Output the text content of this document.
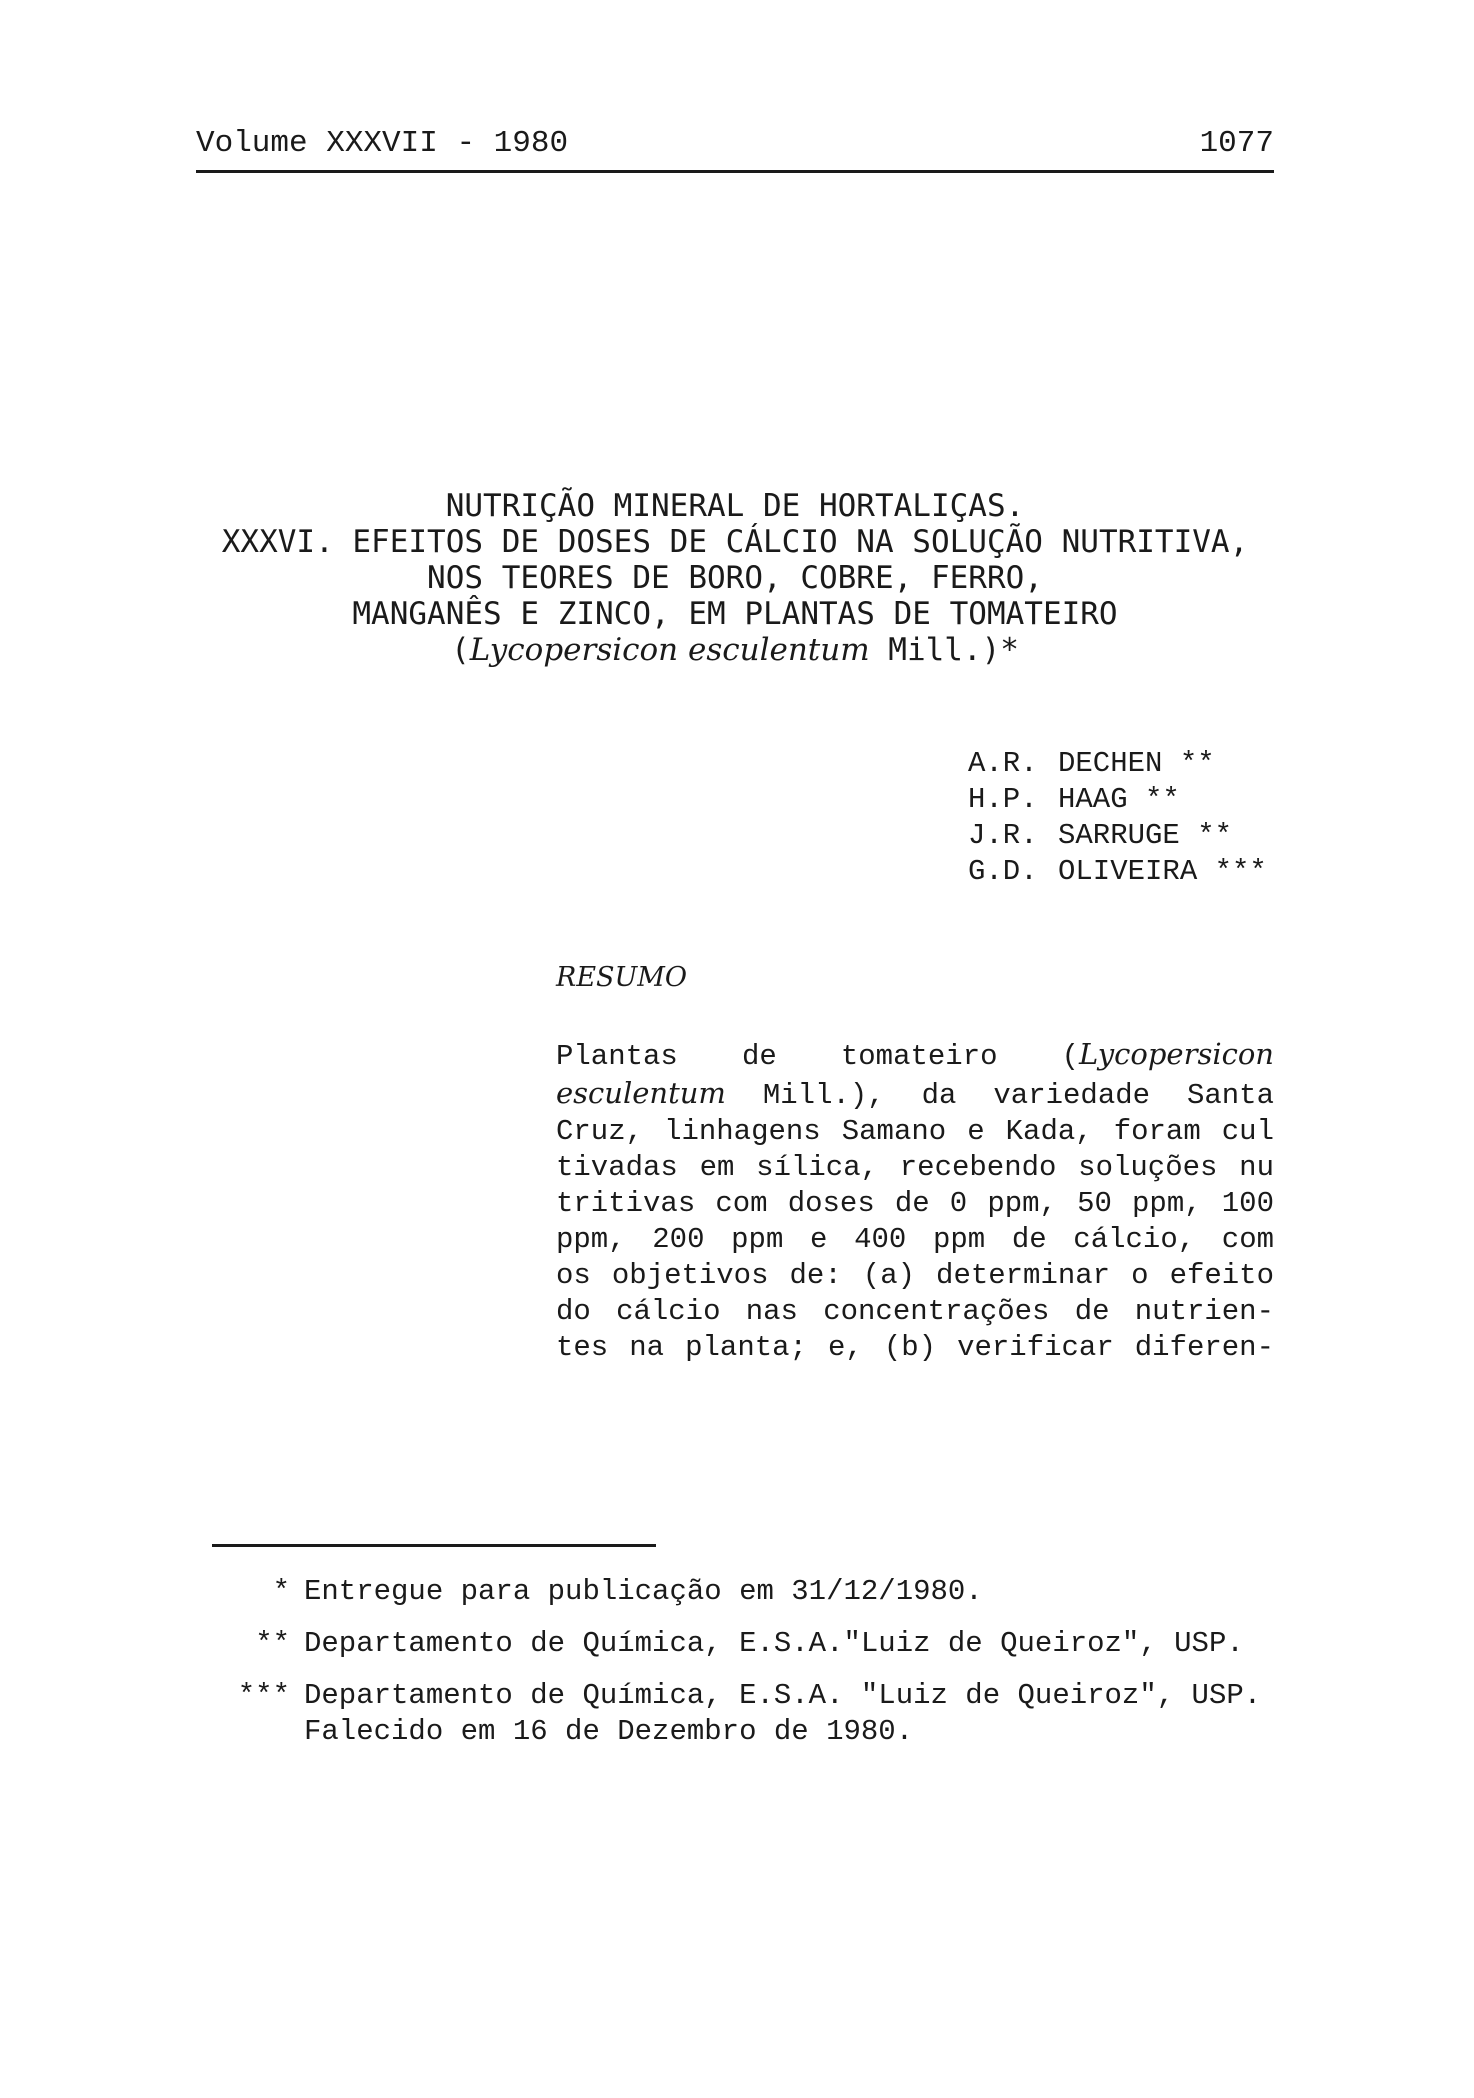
Volume XXXVII - 1980	1077
NUTRIÇÃO MINERAL DE HORTALIÇAS.
XXXVI. EFEITOS DE DOSES DE CÁLCIO NA SOLUÇÃO NUTRITIVA,
NOS TEORES DE BORO, COBRE, FERRO,
MANGANÊS E ZINCO, EM PLANTAS DE TOMATEIRO
(Lycopersicon esculentum Mill.)*
A.R. DECHEN **
H.P. HAAG **
J.R. SARRUGE **
G.D. OLIVEIRA ***
RESUMO
Plantas de tomateiro (Lycopersicon
esculentum Mill.), da variedade Santa
Cruz, linhagens Samano e Kada, foram cul
tivadas em sílica, recebendo soluções nu
tritivas com doses de 0 ppm, 50 ppm, 100
ppm, 200 ppm e 400 ppm de cálcio, com
os objetivos de: (a) determinar o efeito
do cálcio nas concentrações de nutrien-
tes na planta; e, (b) verificar diferen-
* Entregue para publicação em 31/12/1980.
** Departamento de Química, E.S.A."Luiz de Queiroz", USP.
*** Departamento de Química, E.S.A. "Luiz de Queiroz", USP.
Falecido em 16 de Dezembro de 1980.
